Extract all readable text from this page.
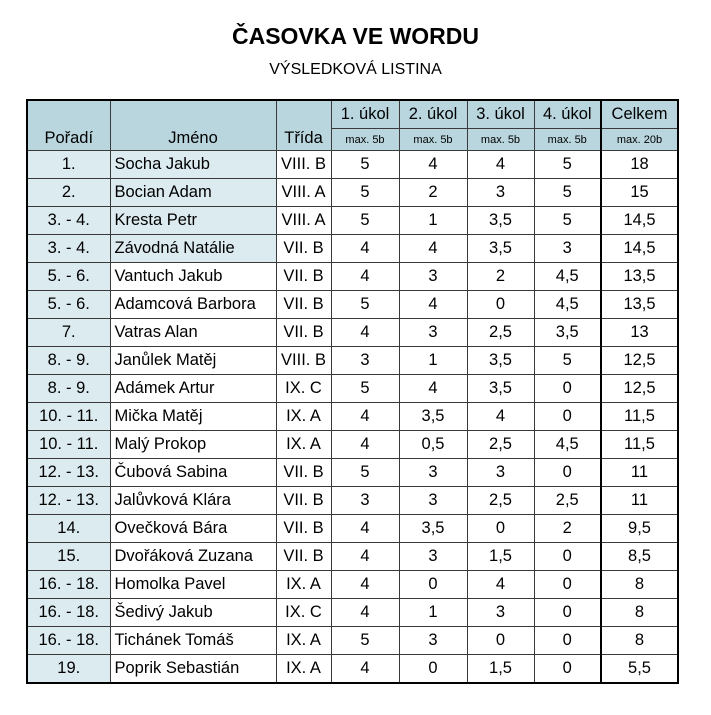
ČASOVKA VE WORDU
VÝSLEDKOVÁ LISTINA
Pořadí	Jméno	Třída	1. úkol	2. úkol	3. úkol	4. úkol	Celkem
			max. 5b	max. 5b	max. 5b	max. 5b	max. 20b
1.	Socha Jakub	VIII. B	5	4	4	5	18
2.	Bocian Adam	VIII. A	5	2	3	5	15
3. - 4.	Kresta Petr	VIII. A	5	1	3,5	5	14,5
3. - 4.	Závodná Natálie	VII. B	4	4	3,5	3	14,5
5. - 6.	Vantuch Jakub	VII. B	4	3	2	4,5	13,5
5. - 6.	Adamcová Barbora	VII. B	5	4	0	4,5	13,5
7.	Vatras Alan	VII. B	4	3	2,5	3,5	13
8. - 9.	Janůlek Matěj	VIII. B	3	1	3,5	5	12,5
8. - 9.	Adámek Artur	IX. C	5	4	3,5	0	12,5
10. - 11.	Mička Matěj	IX. A	4	3,5	4	0	11,5
10. - 11.	Malý Prokop	IX. A	4	0,5	2,5	4,5	11,5
12. - 13.	Čubová Sabina	VII. B	5	3	3	0	11
12. - 13.	Jalůvková Klára	VII. B	3	3	2,5	2,5	11
14.	Ovečková Bára	VII. B	4	3,5	0	2	9,5
15.	Dvořáková Zuzana	VII. B	4	3	1,5	0	8,5
16. - 18.	Homolka Pavel	IX. A	4	0	4	0	8
16. - 18.	Šedivý Jakub	IX. C	4	1	3	0	8
16. - 18.	Tichánek Tomáš	IX. A	5	3	0	0	8
19.	Poprik Sebastián	IX. A	4	0	1,5	0	5,5
